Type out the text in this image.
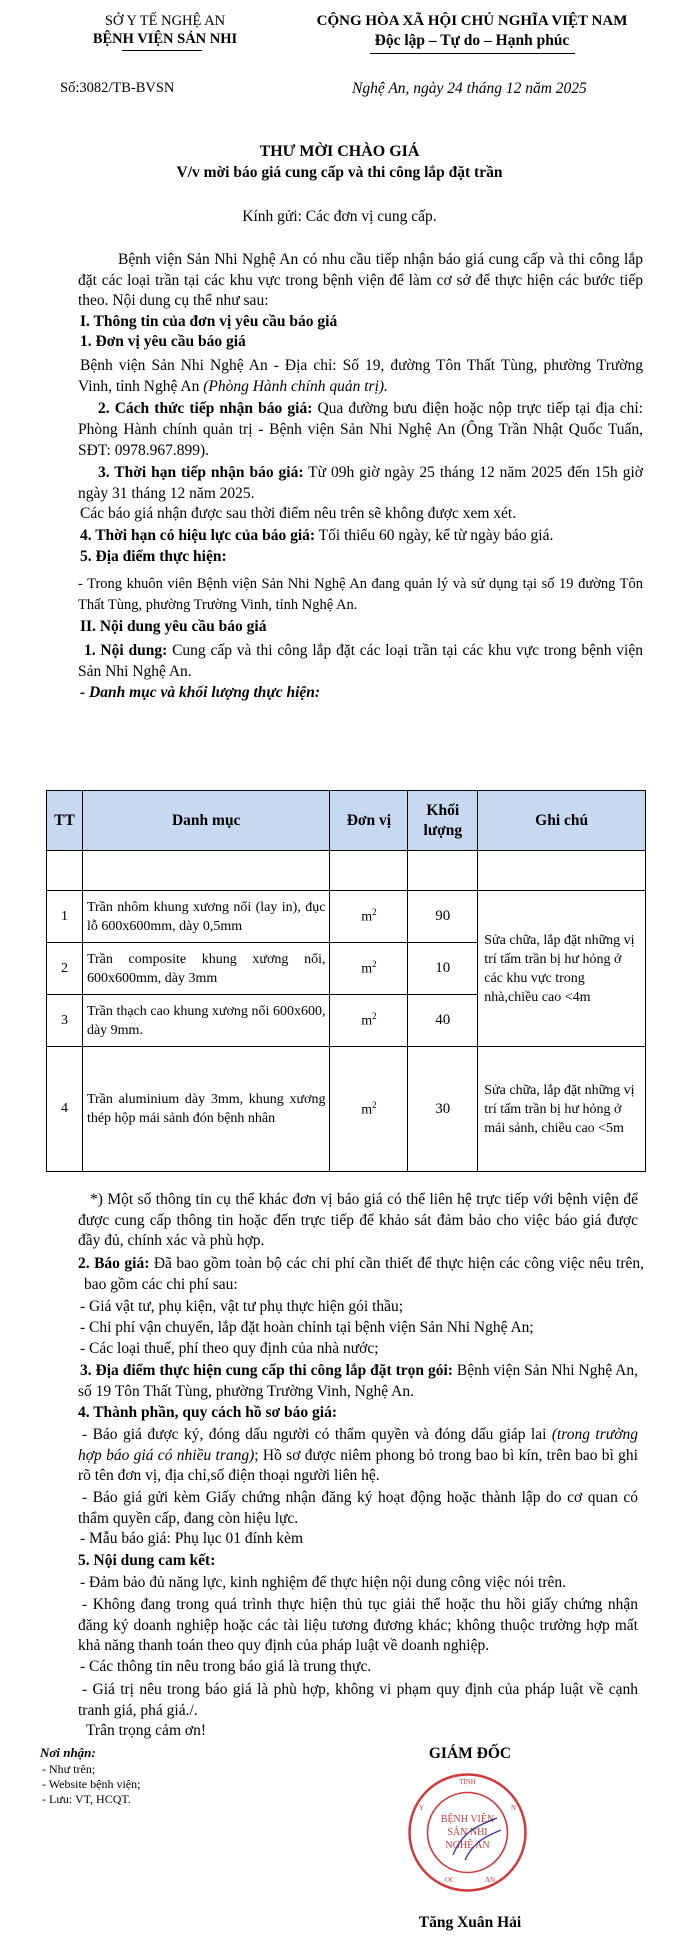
SỞ Y TẾ NGHỆ AN
BỆNH VIỆN SẢN NHI
CỘNG HÒA XÃ HỘI CHỦ NGHĨA VIỆT NAM
Độc lập – Tự do – Hạnh phúc
Số:3082/TB-BVSN	Nghệ An, ngày 24 tháng 12 năm 2025
THƯ MỜI CHÀO GIÁ
V/v mời báo giá cung cấp và thi công lắp đặt trần
Kính gửi: Các đơn vị cung cấp.
Bệnh viện Sản Nhi Nghệ An có nhu cầu tiếp nhận báo giá cung cấp và thi công lắp đặt các loại trần tại các khu vực trong bệnh viện để làm cơ sở để thực hiện các bước tiếp theo. Nội dung cụ thể như sau:
I. Thông tin của đơn vị yêu cầu báo giá
1. Đơn vị yêu cầu báo giá
Bệnh viện Sản Nhi Nghệ An - Địa chỉ: Số 19, đường Tôn Thất Tùng, phường Trường Vinh, tỉnh Nghệ An (Phòng Hành chính quản trị).
2. Cách thức tiếp nhận báo giá: Qua đường bưu điện hoặc nộp trực tiếp tại địa chỉ: Phòng Hành chính quản trị - Bệnh viện Sản Nhi Nghệ An (Ông Trần Nhật Quốc Tuấn, SĐT: 0978.967.899).
3. Thời hạn tiếp nhận báo giá: Từ 09h giờ ngày 25 tháng 12 năm 2025 đến 15h giờ ngày 31 tháng 12 năm 2025.
Các báo giá nhận được sau thời điểm nêu trên sẽ không được xem xét.
4. Thời hạn có hiệu lực của báo giá: Tối thiểu 60 ngày, kể từ ngày báo giá.
5. Địa điểm thực hiện:
- Trong khuôn viên Bệnh viện Sản Nhi Nghệ An đang quản lý và sử dụng tại số 19 đường Tôn Thất Tùng, phường Trường Vinh, tỉnh Nghệ An.
II. Nội dung yêu cầu báo giá
1. Nội dung: Cung cấp và thi công lắp đặt các loại trần tại các khu vực trong bệnh viện Sản Nhi Nghệ An.
- Danh mục và khối lượng thực hiện:
TT	Danh mục	Đơn vị	Khối lượng	Ghi chú

1	Trần nhôm khung xương nổi (lay in), đục lỗ 600x600mm, dày 0,5mm	$m^2$	90	Sửa chữa, lắp đặt những vị trí tấm trần bị hư hỏng ở các khu vực trong nhà,chiều cao <4m
2	Trần composite khung xương nổi, 600x600mm, dày 3mm	$m^2$	10	
3	Trần thạch cao khung xương nổi 600x600, dày 9mm.	$m^2$	40	
4	Trần aluminium dày 3mm, khung xương thép hộp mái sảnh đón bệnh nhân	$m^2$	30	Sửa chữa, lắp đặt những vị trí tấm trần bị hư hỏng ở mái sảnh, chiều cao <5m
*) Một số thông tin cụ thể khác đơn vị báo giá có thể liên hệ trực tiếp với bệnh viện để được cung cấp thông tin hoặc đến trực tiếp để khảo sát đảm bảo cho việc báo giá được đầy đủ, chính xác và phù hợp.
2. Báo giá: Đã bao gồm toàn bộ các chi phí cần thiết để thực hiện các công việc nêu trên, bao gồm các chi phí sau:
- Giá vật tư, phụ kiện, vật tư phụ thực hiện gói thầu;
- Chi phí vận chuyển, lắp đặt hoàn chỉnh tại bệnh viện Sản Nhi Nghệ An;
- Các loại thuế, phí theo quy định của nhà nước;
3. Địa điểm thực hiện cung cấp thi công lắp đặt trọn gói: Bệnh viện Sản Nhi Nghệ An, số 19 Tôn Thất Tùng, phường Trường Vinh, Nghệ An.
4. Thành phần, quy cách hồ sơ báo giá:
- Báo giá được ký, đóng dấu người có thẩm quyền và đóng dấu giáp lai (trong trường hợp báo giá có nhiều trang); Hồ sơ được niêm phong bỏ trong bao bì kín, trên bao bì ghi rõ tên đơn vị, địa chỉ,số điện thoại người liên hệ.
- Báo giá gửi kèm Giấy chứng nhận đăng ký hoạt động hoặc thành lập do cơ quan có thẩm quyền cấp, đang còn hiệu lực.
- Mẫu báo giá: Phụ lục 01 đính kèm
5. Nội dung cam kết:
- Đảm bảo đủ năng lực, kinh nghiệm để thực hiện nội dung công việc nói trên.
- Không đang trong quá trình thực hiện thủ tục giải thể hoặc thu hồi giấy chứng nhận đăng ký doanh nghiệp hoặc các tài liệu tương đương khác; không thuộc trường hợp mất khả năng thanh toán theo quy định của pháp luật về doanh nghiệp.
- Các thông tin nêu trong báo giá là trung thực.
- Giá trị nêu trong báo giá là phù hợp, không vi phạm quy định của pháp luật về cạnh tranh giá, phá giá./.
Trân trọng cảm ơn!
Nơi nhận:
- Như trên;
- Website bệnh viện;
- Lưu: VT, HCQT.
GIÁM ĐỐC
TỈNH
Y	N
BỆNH VIỆN
SẢN NHI
NGHỆ AN
OC	AN
Tăng Xuân Hải
